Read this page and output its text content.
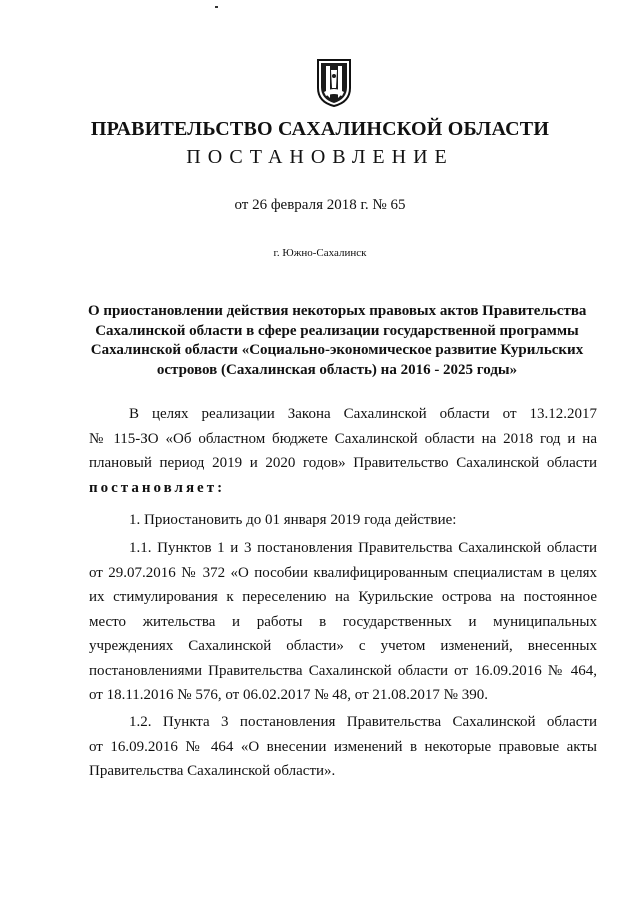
ПРАВИТЕЛЬСТВО САХАЛИНСКОЙ ОБЛАСТИ
ПОСТАНОВЛЕНИЕ
от 26 февраля 2018 г. № 65
г. Южно-Сахалинск
О приостановлении действия некоторых правовых актов Правительства
Сахалинской области в сфере реализации государственной программы
Сахалинской области «Социально-экономическое развитие Курильских
островов (Сахалинская область) на 2016 - 2025 годы»
В целях реализации Закона Сахалинской области от 13.12.2017
№ 115-ЗО «Об областном бюджете Сахалинской области на 2018 год и на
плановый период 2019 и 2020 годов» Правительство Сахалинской области
постановляет:
1. Приостановить до 01 января 2019 года действие:
1.1. Пунктов 1 и 3 постановления Правительства Сахалинской области
от 29.07.2016 № 372 «О пособии квалифицированным специалистам в целях
их стимулирования к переселению на Курильские острова на постоянное
место жительства и работы в государственных и муниципальных
учреждениях Сахалинской области» с учетом изменений, внесенных
постановлениями Правительства Сахалинской области от 16.09.2016 № 464,
от 18.11.2016 № 576, от 06.02.2017 № 48, от 21.08.2017 № 390.
1.2. Пункта 3 постановления Правительства Сахалинской области
от 16.09.2016 № 464 «О внесении изменений в некоторые правовые акты
Правительства Сахалинской области».
